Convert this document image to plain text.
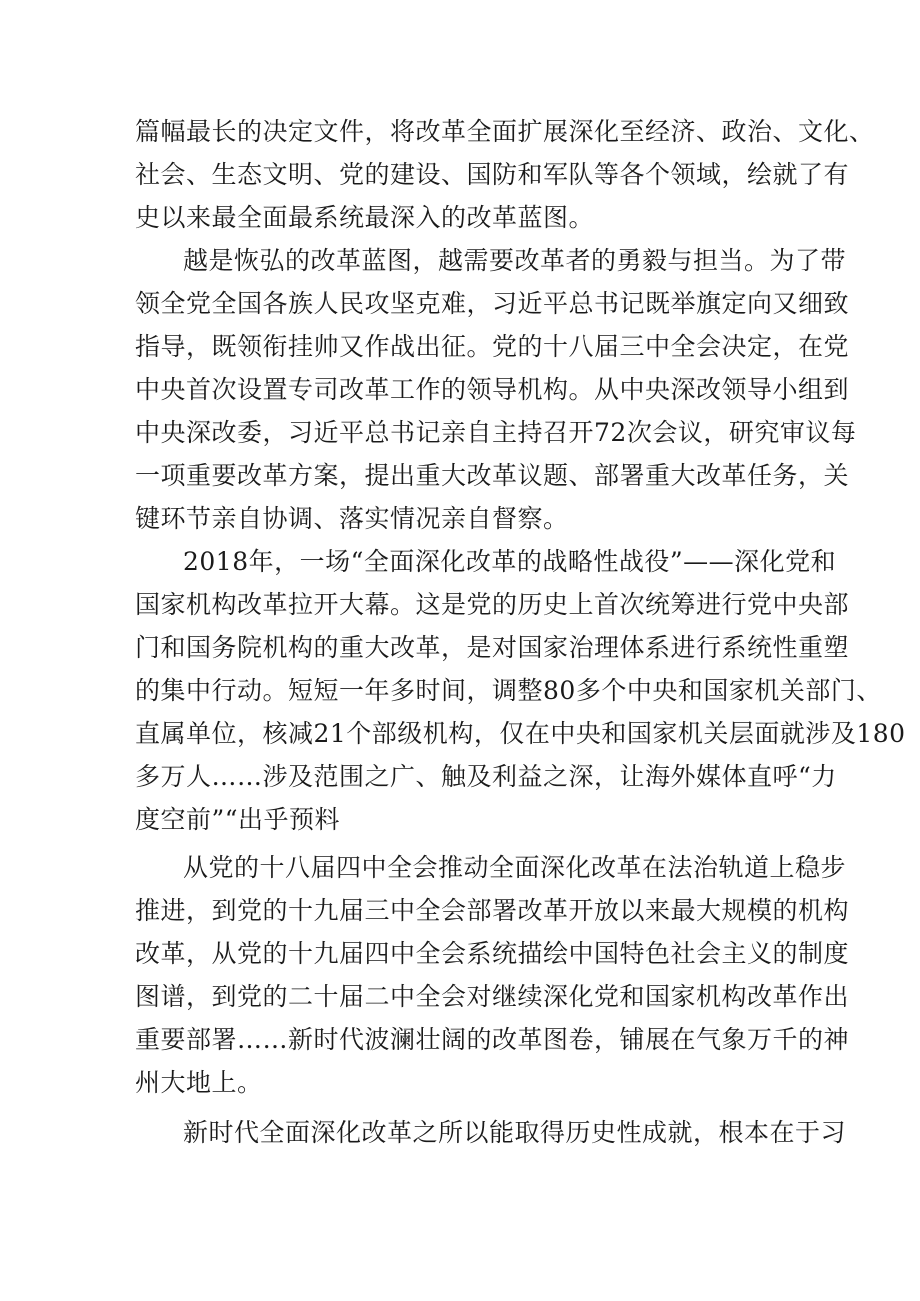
篇幅最长的决定文件，将改革全面扩展深化至经济、政治、文化、
社会、生态文明、党的建设、国防和军队等各个领域，绘就了有
史以来最全面最系统最深入的改革蓝图。
越是恢弘的改革蓝图，越需要改革者的勇毅与担当。为了带
领全党全国各族人民攻坚克难，习近平总书记既举旗定向又细致
指导，既领衔挂帅又作战出征。党的十八届三中全会决定，在党
中央首次设置专司改革工作的领导机构。从中央深改领导小组到
中央深改委，习近平总书记亲自主持召开72次会议，研究审议每
一项重要改革方案，提出重大改革议题、部署重大改革任务，关
键环节亲自协调、落实情况亲自督察。
2018年，一场“全面深化改革的战略性战役”——深化党和
国家机构改革拉开大幕。这是党的历史上首次统筹进行党中央部
门和国务院机构的重大改革，是对国家治理体系进行系统性重塑
的集中行动。短短一年多时间，调整80多个中央和国家机关部门、
直属单位，核减21个部级机构，仅在中央和国家机关层面就涉及180
多万人……涉及范围之广、触及利益之深，让海外媒体直呼“力
度空前”“出乎预料
从党的十八届四中全会推动全面深化改革在法治轨道上稳步
推进，到党的十九届三中全会部署改革开放以来最大规模的机构
改革，从党的十九届四中全会系统描绘中国特色社会主义的制度
图谱，到党的二十届二中全会对继续深化党和国家机构改革作出
重要部署……新时代波澜壮阔的改革图卷，铺展在气象万千的神
州大地上。
新时代全面深化改革之所以能取得历史性成就，根本在于习
